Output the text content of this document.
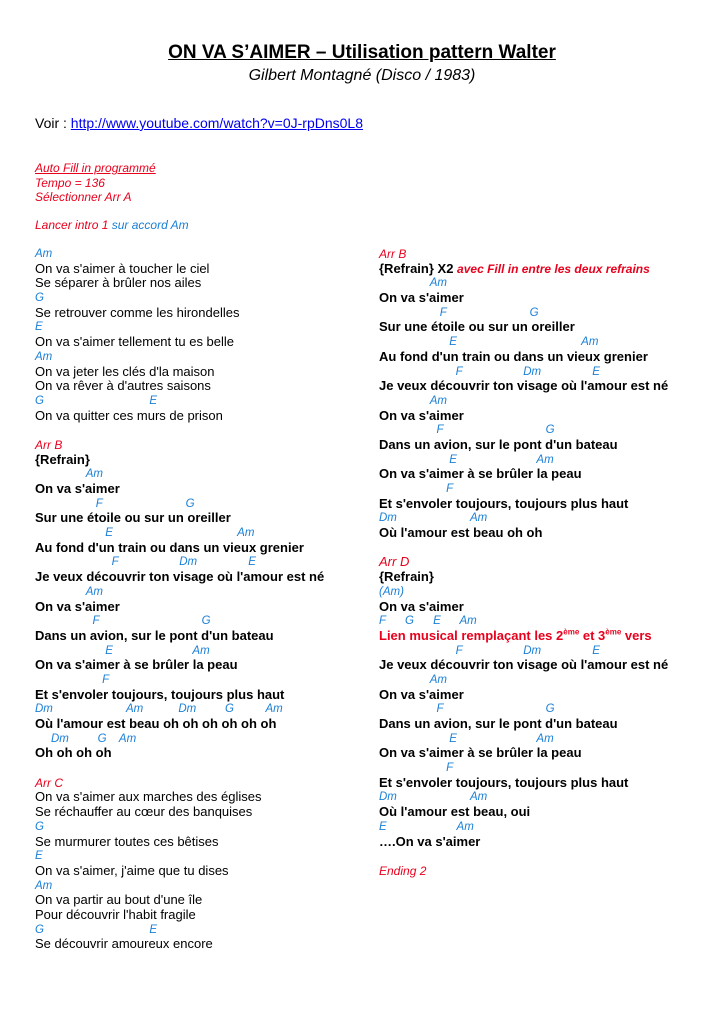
ON VA S’AIMER – Utilisation pattern Walter
Gilbert Montagné (Disco / 1983)
Voir : http://www.youtube.com/watch?v=0J-rpDns0L8
Auto Fill in programmé
Tempo = 136
Sélectionner Arr A
Lancer intro 1 sur accord Am
Am
On va s'aimer à toucher le ciel
Se séparer à brûler nos ailes
G
Se retrouver comme les hirondelles
E
On va s'aimer tellement tu es belle
Am
On va jeter les clés d'la maison
On va rêver à d'autres saisons
G                                 E
On va quitter ces murs de prison
Arr B
{Refrain}
Am
On va s'aimer
F                          G
Sur une étoile ou sur un oreiller
E                                       Am
Au fond d'un train ou dans un vieux grenier
F                   Dm                E
Je veux découvrir ton visage où l'amour est né
Am
On va s'aimer
F                                G
Dans un avion, sur le pont d'un bateau
E                         Am
On va s'aimer à se brûler la peau
F
Et s'envoler toujours, toujours plus haut
Dm                       Am           Dm         G          Am
Où l'amour est beau oh oh oh oh oh oh
Dm         G    Am
Oh oh oh oh
Arr C
On va s'aimer aux marches des églises
Se réchauffer au cœur des banquises
G
Se murmurer toutes ces bêtises
E
On va s'aimer, j'aime que tu dises
Am
On va partir au bout d'une île
Pour découvrir l'habit fragile
G                                 E
Se découvrir amoureux encore
Arr B
{Refrain} X2 avec Fill in entre les deux refrains
Am
On va s'aimer
F                          G
Sur une étoile ou sur un oreiller
E                                       Am
Au fond d'un train ou dans un vieux grenier
F                   Dm                E
Je veux découvrir ton visage où l'amour est né
Am
On va s'aimer
F                                G
Dans un avion, sur le pont d'un bateau
E                         Am
On va s'aimer à se brûler la peau
F
Et s'envoler toujours, toujours plus haut
Dm                       Am
Où l'amour est beau oh oh
Arr D
{Refrain}
(Am)
On va s'aimer
F      G      E      Am
Lien musical remplaçant les 2ème et 3ème vers
F                   Dm                E
Je veux découvrir ton visage où l'amour est né
Am
On va s'aimer
F                                G
Dans un avion, sur le pont d'un bateau
E                         Am
On va s'aimer à se brûler la peau
F
Et s'envoler toujours, toujours plus haut
Dm                       Am
Où l'amour est beau, oui
E                      Am
….On va s'aimer
Ending 2
